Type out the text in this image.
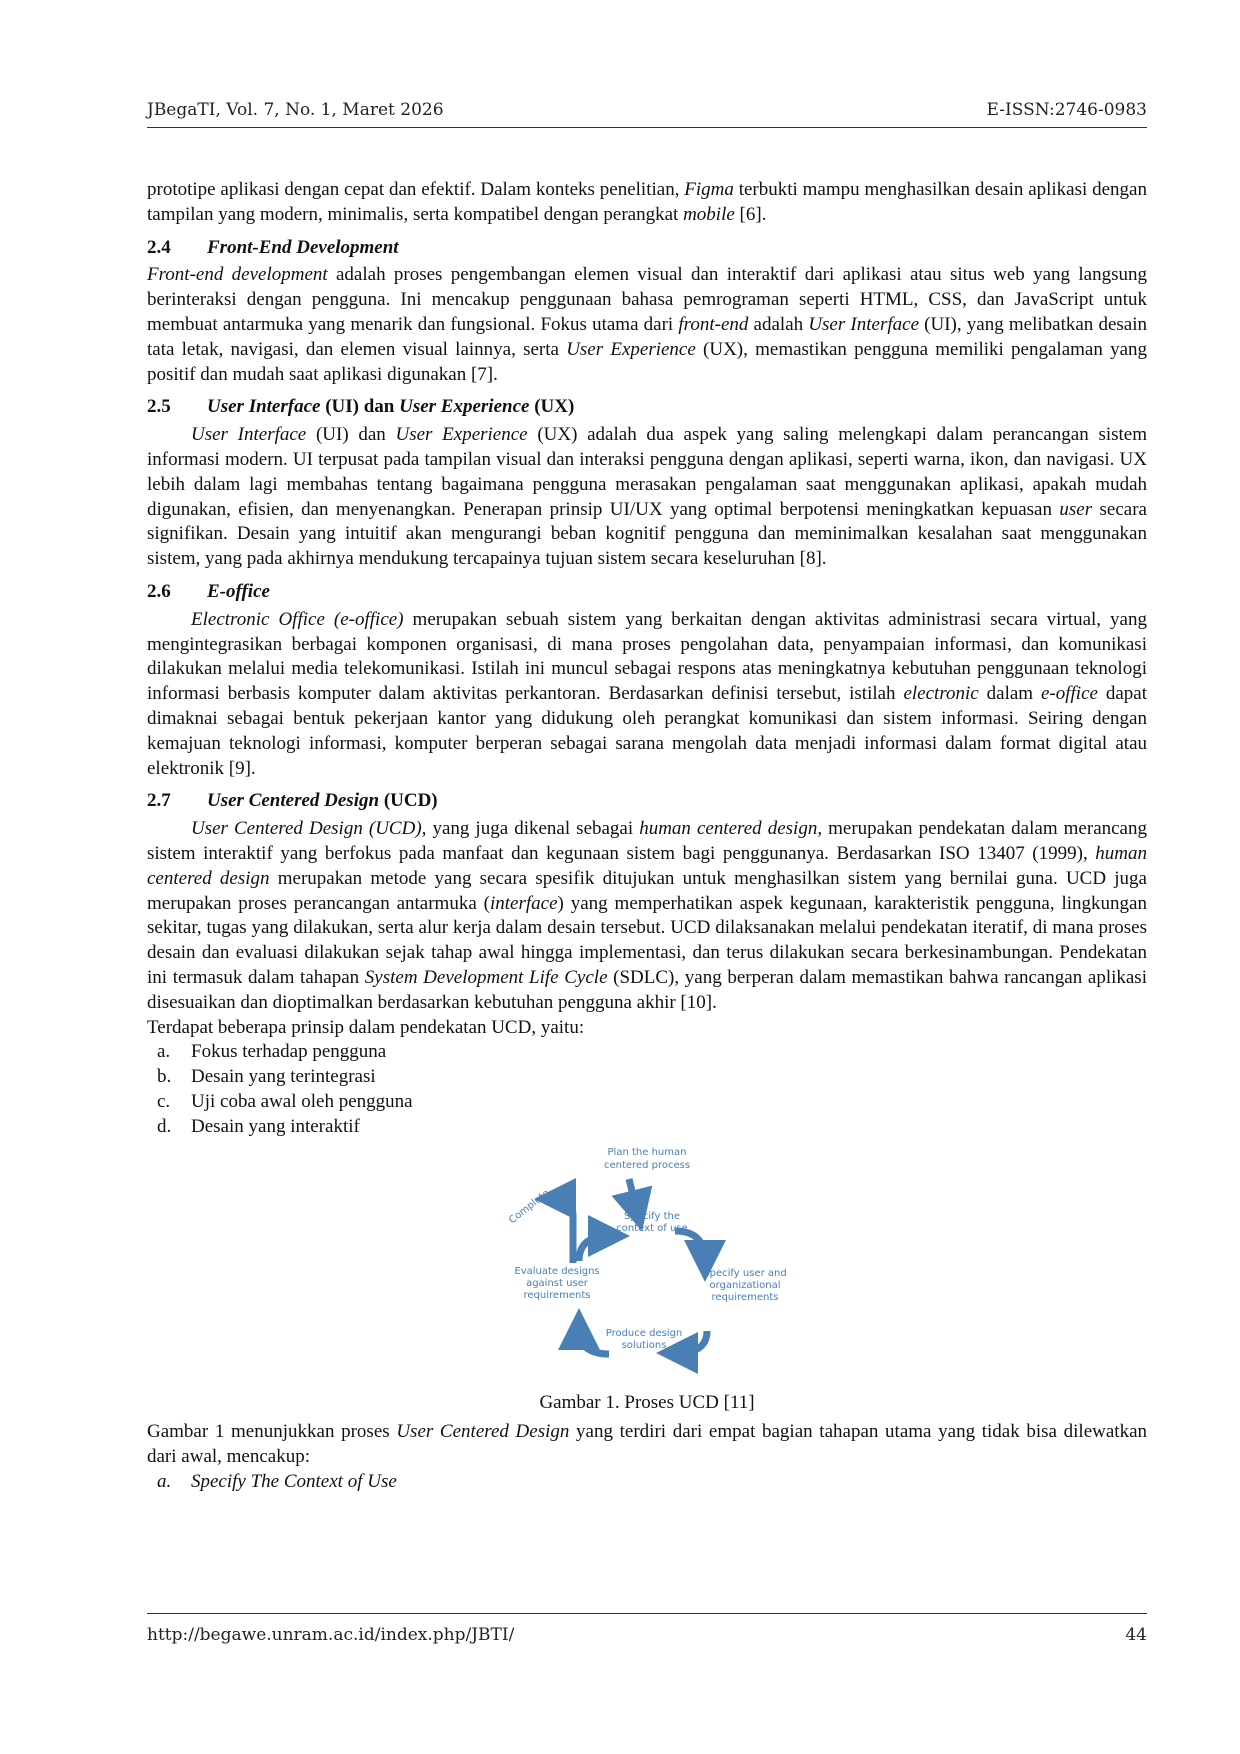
JBegaTI, Vol. 7, No. 1, Maret 2026	E-ISSN:2746-0983

prototipe aplikasi dengan cepat dan efektif. Dalam konteks penelitian, Figma terbukti mampu menghasilkan desain aplikasi dengan tampilan yang modern, minimalis, serta kompatibel dengan perangkat mobile [6].

2.4	Front-End Development

Front-end development adalah proses pengembangan elemen visual dan interaktif dari aplikasi atau situs web yang langsung berinteraksi dengan pengguna. Ini mencakup penggunaan bahasa pemrograman seperti HTML, CSS, dan JavaScript untuk membuat antarmuka yang menarik dan fungsional. Fokus utama dari front-end adalah User Interface (UI), yang melibatkan desain tata letak, navigasi, dan elemen visual lainnya, serta User Experience (UX), memastikan pengguna memiliki pengalaman yang positif dan mudah saat aplikasi digunakan [7].

2.5	User Interface (UI) dan User Experience (UX)

User Interface (UI) dan User Experience (UX) adalah dua aspek yang saling melengkapi dalam perancangan sistem informasi modern. UI terpusat pada tampilan visual dan interaksi pengguna dengan aplikasi, seperti warna, ikon, dan navigasi. UX lebih dalam lagi membahas tentang bagaimana pengguna merasakan pengalaman saat menggunakan aplikasi, apakah mudah digunakan, efisien, dan menyenangkan. Penerapan prinsip UI/UX yang optimal berpotensi meningkatkan kepuasan user secara signifikan. Desain yang intuitif akan mengurangi beban kognitif pengguna dan meminimalkan kesalahan saat menggunakan sistem, yang pada akhirnya mendukung tercapainya tujuan sistem secara keseluruhan [8].

2.6	E-office

Electronic Office (e-office) merupakan sebuah sistem yang berkaitan dengan aktivitas administrasi secara virtual, yang mengintegrasikan berbagai komponen organisasi, di mana proses pengolahan data, penyampaian informasi, dan komunikasi dilakukan melalui media telekomunikasi. Istilah ini muncul sebagai respons atas meningkatnya kebutuhan penggunaan teknologi informasi berbasis komputer dalam aktivitas perkantoran. Berdasarkan definisi tersebut, istilah electronic dalam e-office dapat dimaknai sebagai bentuk pekerjaan kantor yang didukung oleh perangkat komunikasi dan sistem informasi. Seiring dengan kemajuan teknologi informasi, komputer berperan sebagai sarana mengolah data menjadi informasi dalam format digital atau elektronik [9].

2.7	User Centered Design (UCD)

User Centered Design (UCD), yang juga dikenal sebagai human centered design, merupakan pendekatan dalam merancang sistem interaktif yang berfokus pada manfaat dan kegunaan sistem bagi penggunanya. Berdasarkan ISO 13407 (1999), human centered design merupakan metode yang secara spesifik ditujukan untuk menghasilkan sistem yang bernilai guna. UCD juga merupakan proses perancangan antarmuka (interface) yang memperhatikan aspek kegunaan, karakteristik pengguna, lingkungan sekitar, tugas yang dilakukan, serta alur kerja dalam desain tersebut. UCD dilaksanakan melalui pendekatan iteratif, di mana proses desain dan evaluasi dilakukan sejak tahap awal hingga implementasi, dan terus dilakukan secara berkesinambungan. Pendekatan ini termasuk dalam tahapan System Development Life Cycle (SDLC), yang berperan dalam memastikan bahwa rancangan aplikasi disesuaikan dan dioptimalkan berdasarkan kebutuhan pengguna akhir [10].

Terdapat beberapa prinsip dalam pendekatan UCD, yaitu:

a.	Fokus terhadap pengguna
b.	Desain yang terintegrasi
c.	Uji coba awal oleh pengguna
d.	Desain yang interaktif
Plan the human
centered process
Specify the
context of use
Specify user and
organizational
requirements
Produce design
solutions
Evaluate designs
against user
requirements
Complete
Gambar 1. Proses UCD [11]

Gambar 1 menunjukkan proses User Centered Design yang terdiri dari empat bagian tahapan utama yang tidak bisa dilewatkan dari awal, mencakup:

a.	Specify The Context of Use
http://begawe.unram.ac.id/index.php/JBTI/	44
